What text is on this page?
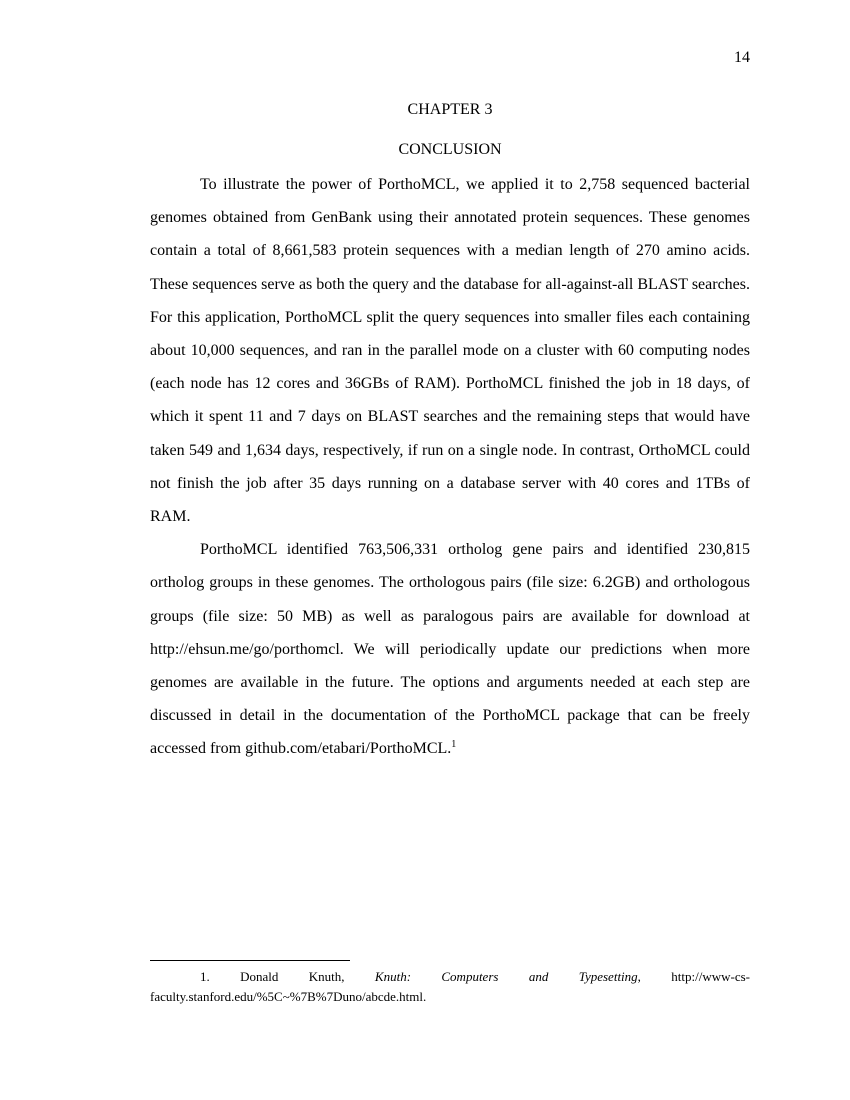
14
CHAPTER 3
CONCLUSION

To illustrate the power of PorthoMCL, we applied it to 2,758 sequenced bacterial genomes obtained from GenBank using their annotated protein sequences. These genomes contain a total of 8,661,583 protein sequences with a median length of 270 amino acids. These sequences serve as both the query and the database for all-against-all BLAST searches. For this application, PorthoMCL split the query sequences into smaller files each containing about 10,000 sequences, and ran in the parallel mode on a cluster with 60 computing nodes (each node has 12 cores and 36GBs of RAM). PorthoMCL finished the job in 18 days, of which it spent 11 and 7 days on BLAST searches and the remaining steps that would have taken 549 and 1,634 days, respectively, if run on a single node. In contrast, OrthoMCL could not finish the job after 35 days running on a database server with 40 cores and 1TBs of RAM.

PorthoMCL identified 763,506,331 ortholog gene pairs and identified 230,815 ortholog groups in these genomes. The orthologous pairs (file size: 6.2GB) and orthologous groups (file size: 50 MB) as well as paralogous pairs are available for download at http://ehsun.me/go/porthomcl. We will periodically update our predictions when more genomes are available in the future. The options and arguments needed at each step are discussed in detail in the documentation of the PorthoMCL package that can be freely accessed from github.com/etabari/PorthoMCL.$^1$

1. Donald Knuth, Knuth: Computers and Typesetting, http://www-cs-faculty.stanford.edu/%5C~%7B%7Duno/abcde.html.
